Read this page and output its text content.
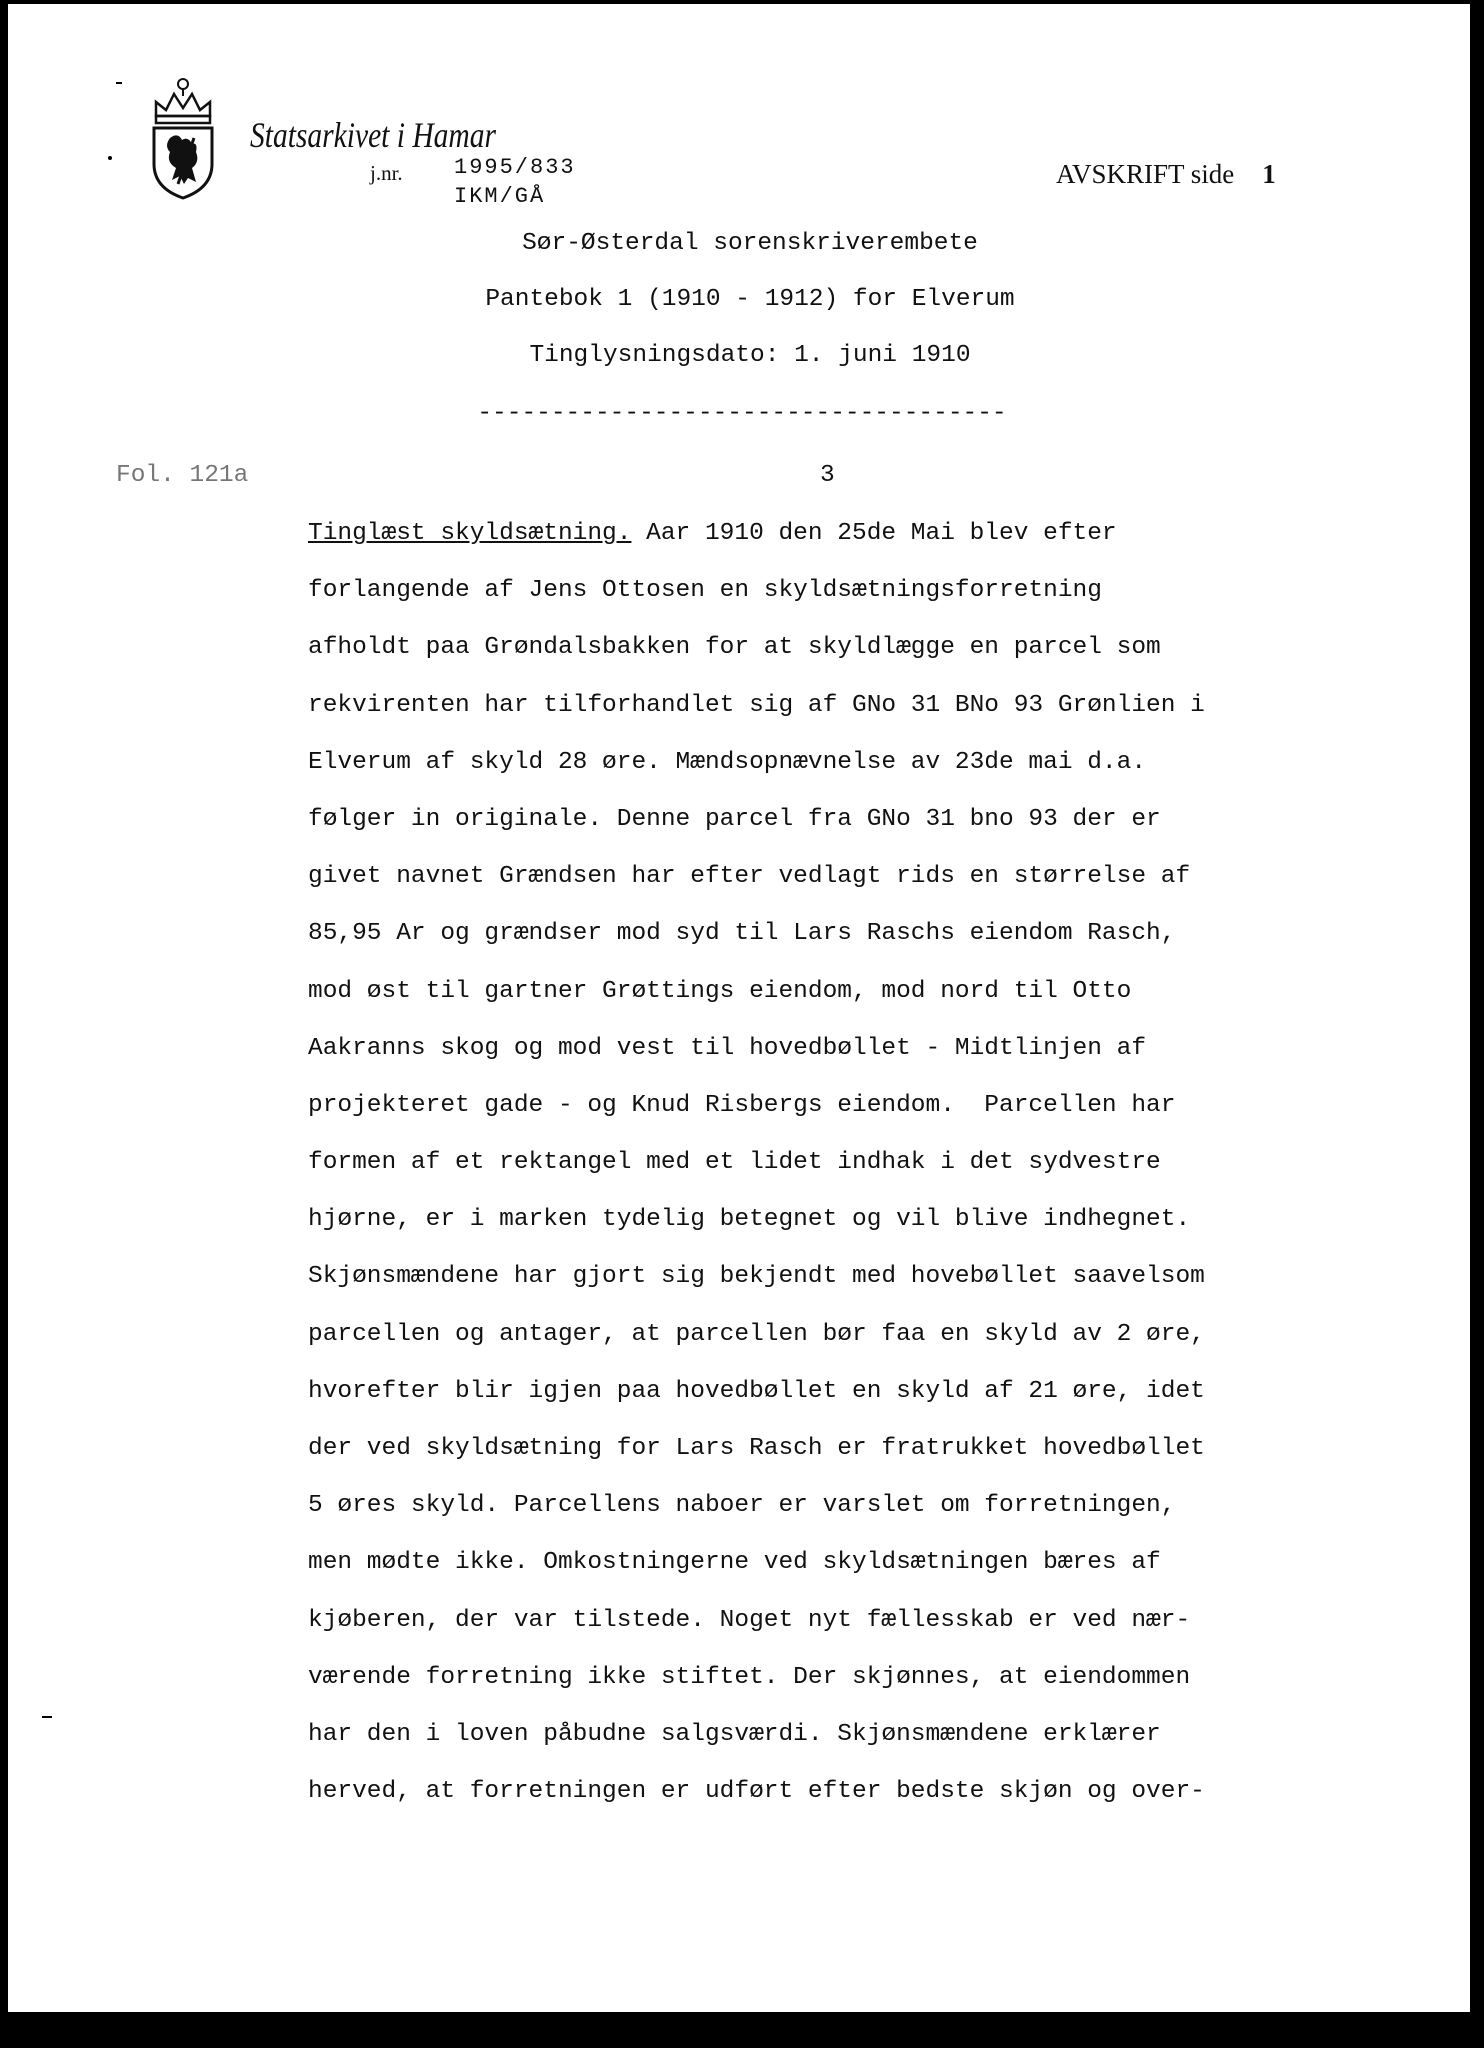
Statsarkivet i Hamar
j.nr. 1995/833
IKM/GÅ
AVSKRIFT side 1
Sør-Østerdal sorenskriverembete
Pantebok 1 (1910 - 1912) for Elverum
Tinglysningsdato: 1. juni 1910
------------------------------------
Fol. 121a	3
Tinglæst skyldsætning. Aar 1910 den 25de Mai blev efter
forlangende af Jens Ottosen en skyldsætningsforretning
afholdt paa Grøndalsbakken for at skyldlægge en parcel som
rekvirenten har tilforhandlet sig af GNo 31 BNo 93 Grønlien i
Elverum af skyld 28 øre. Mændsopnævnelse av 23de mai d.a.
følger in originale. Denne parcel fra GNo 31 bno 93 der er
givet navnet Grændsen har efter vedlagt rids en størrelse af
85,95 Ar og grændser mod syd til Lars Raschs eiendom Rasch,
mod øst til gartner Grøttings eiendom, mod nord til Otto
Aakranns skog og mod vest til hovedbøllet - Midtlinjen af
projekteret gade - og Knud Risbergs eiendom.  Parcellen har
formen af et rektangel med et lidet indhak i det sydvestre
hjørne, er i marken tydelig betegnet og vil blive indhegnet.
Skjønsmændene har gjort sig bekjendt med hovebøllet saavelsom
parcellen og antager, at parcellen bør faa en skyld av 2 øre,
hvorefter blir igjen paa hovedbøllet en skyld af 21 øre, idet
der ved skyldsætning for Lars Rasch er fratrukket hovedbøllet
5 øres skyld. Parcellens naboer er varslet om forretningen,
men mødte ikke. Omkostningerne ved skyldsætningen bæres af
kjøberen, der var tilstede. Noget nyt fællesskab er ved nær-
værende forretning ikke stiftet. Der skjønnes, at eiendommen
har den i loven påbudne salgsværdi. Skjønsmændene erklærer
herved, at forretningen er udført efter bedste skjøn og over-
